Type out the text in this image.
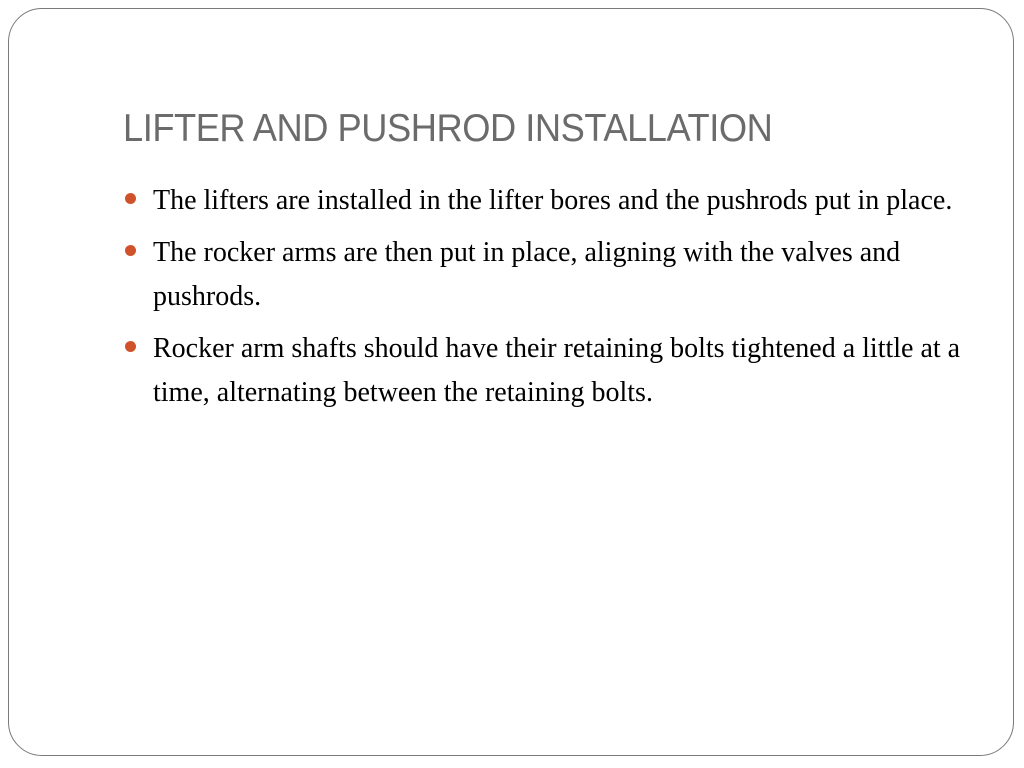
LIFTER AND PUSHROD INSTALLATION
The lifters are installed in the lifter bores and the pushrods put in place.
The rocker arms are then put in place, aligning with the valves and pushrods.
Rocker arm shafts should have their retaining bolts tightened a little at a time, alternating between the retaining bolts.
